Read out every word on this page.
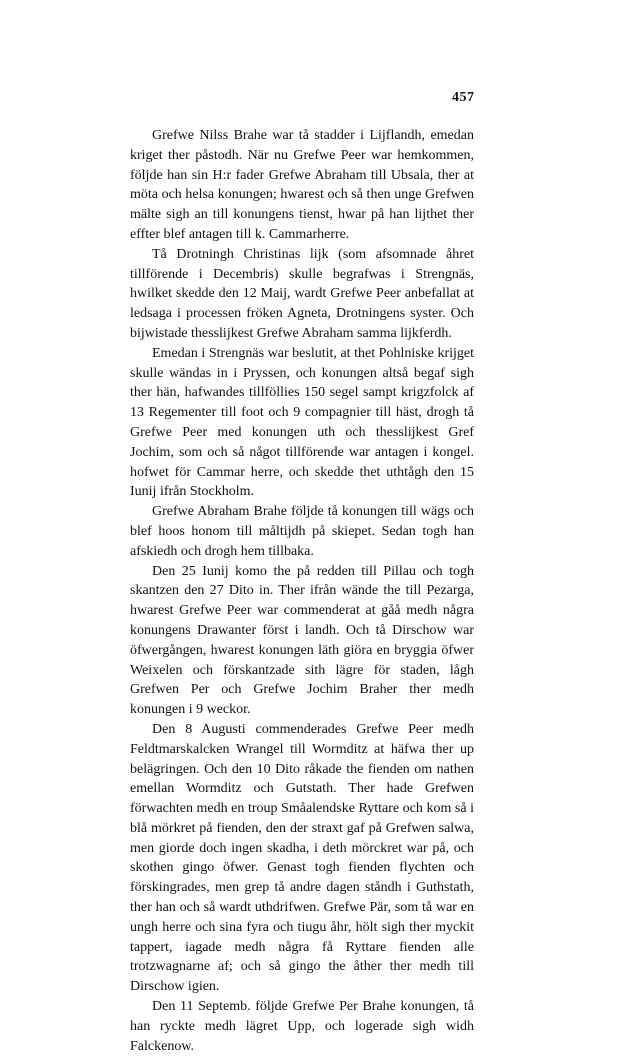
457

Grefwe Nilss Brahe war tå stadder i Lijflandh, emedan kriget ther påstodh. När nu Grefwe Peer war hemkommen, följde han sin H:r fader Grefwe Abraham till Ubsala, ther at möta och helsa konungen; hwarest och så then unge Grefwen mälte sigh an till konungens tienst, hwar på han lijthet ther effter blef antagen till k. Cammarherre.

Tå Drotningh Christinas lijk (som afsomnade åhret tillförende i Decembris) skulle begrafwas i Strengnäs, hwilket skedde den 12 Maij, wardt Grefwe Peer anbefallat at ledsaga i processen fröken Agneta, Drotningens syster. Och bijwistade thesslijkest Grefwe Abraham samma lijkferdh.

Emedan i Strengnäs war beslutit, at thet Pohlniske krijget skulle wändas in i Pryssen, och konungen altså begaf sigh ther hän, hafwandes tillföllies 150 segel sampt krigzfolck af 13 Regementer till foot och 9 compagnier till häst, drogh tå Grefwe Peer med konungen uth och thesslijkest Gref Jochim, som och så något tillförende war antagen i kongel. hofwet för Cammar herre, och skedde thet uthtågh den 15 Iunij ifrån Stockholm.

Grefwe Abraham Brahe följde tå konungen till wägs och blef hoos honom till måltijdh på skiepet. Sedan togh han afskiedh och drogh hem tillbaka.

Den 25 Iunij komo the på redden till Pillau och togh skantzen den 27 Dito in. Ther ifrån wände the till Pezarga, hwarest Grefwe Peer war commenderat at gåå medh några konungens Drawanter först i landh. Och tå Dirschow war öfwergången, hwarest konungen läth giöra en bryggia öfwer Weixelen och förskantzade sith lägre för staden, lågh Grefwen Per och Grefwe Jochim Braher ther medh konungen i 9 weckor.

Den 8 Augusti commenderades Grefwe Peer medh Feldtmarskalcken Wrangel till Wormditz at häfwa ther up belägringen. Och den 10 Dito råkade the fienden om nathen emellan Wormditz och Gutstath. Ther hade Grefwen förwachten medh en troup Småalendske Ryttare och kom så i blå mörkret på fienden, den der straxt gaf på Grefwen salwa, men giorde doch ingen skadha, i deth mörckret war på, och skothen gingo öfwer. Genast togh fienden flychten och förskingrades, men grep tå andre dagen ståndh i Guthstath, ther han och så wardt uthdrifwen. Grefwe Pär, som tå war en ungh herre och sina fyra och tiugu åhr, hölt sigh ther myckit tappert, iagade medh några få Ryttare fienden alle trotzwagnarne af; och så gingo the åther ther medh till Dirschow igien.

Den 11 Septemb. följde Grefwe Per Brahe konungen, tå han ryckte medh lägret Upp, och logerade sigh widh Falckenow.
